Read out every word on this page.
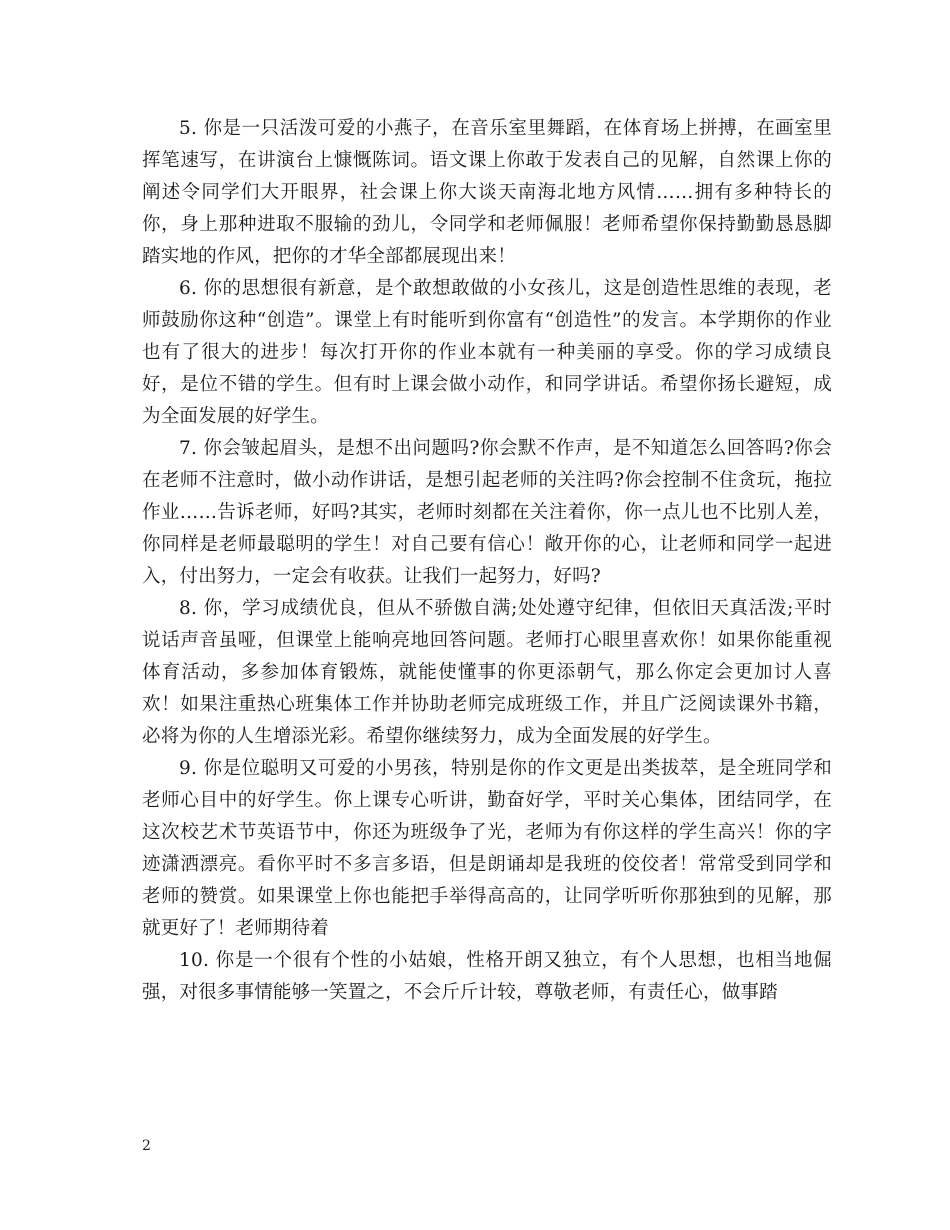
5. 你是一只活泼可爱的小燕子，在音乐室里舞蹈，在体育场上拼搏，在画室里挥笔速写，在讲演台上慷慨陈词。语文课上你敢于发表自己的见解，自然课上你的阐述令同学们大开眼界，社会课上你大谈天南海北地方风情……拥有多种特长的你，身上那种进取不服输的劲儿，令同学和老师佩服！老师希望你保持勤勤恳恳脚踏实地的作风，把你的才华全部都展现出来！

6. 你的思想很有新意，是个敢想敢做的小女孩儿，这是创造性思维的表现，老师鼓励你这种“创造”。课堂上有时能听到你富有“创造性”的发言。本学期你的作业也有了很大的进步！每次打开你的作业本就有一种美丽的享受。你的学习成绩良好，是位不错的学生。但有时上课会做小动作，和同学讲话。希望你扬长避短，成为全面发展的好学生。

7. 你会皱起眉头，是想不出问题吗?你会默不作声，是不知道怎么回答吗?你会在老师不注意时，做小动作讲话，是想引起老师的关注吗?你会控制不住贪玩，拖拉作业……告诉老师，好吗?其实，老师时刻都在关注着你，你一点儿也不比别人差，你同样是老师最聪明的学生！对自己要有信心！敞开你的心，让老师和同学一起进入，付出努力，一定会有收获。让我们一起努力，好吗?

8. 你，学习成绩优良，但从不骄傲自满;处处遵守纪律，但依旧天真活泼;平时说话声音虽哑，但课堂上能响亮地回答问题。老师打心眼里喜欢你！如果你能重视体育活动，多参加体育锻炼，就能使懂事的你更添朝气，那么你定会更加讨人喜欢！如果注重热心班集体工作并协助老师完成班级工作，并且广泛阅读课外书籍，必将为你的人生增添光彩。希望你继续努力，成为全面发展的好学生。

9. 你是位聪明又可爱的小男孩，特别是你的作文更是出类拔萃，是全班同学和老师心目中的好学生。你上课专心听讲，勤奋好学，平时关心集体，团结同学，在这次校艺术节英语节中，你还为班级争了光，老师为有你这样的学生高兴！你的字迹潇洒漂亮。看你平时不多言多语，但是朗诵却是我班的佼佼者！常常受到同学和老师的赞赏。如果课堂上你也能把手举得高高的，让同学听听你那独到的见解，那就更好了！老师期待着

10. 你是一个很有个性的小姑娘，性格开朗又独立，有个人思想，也相当地倔强，对很多事情能够一笑置之，不会斤斤计较，尊敬老师，有责任心，做事踏

2
